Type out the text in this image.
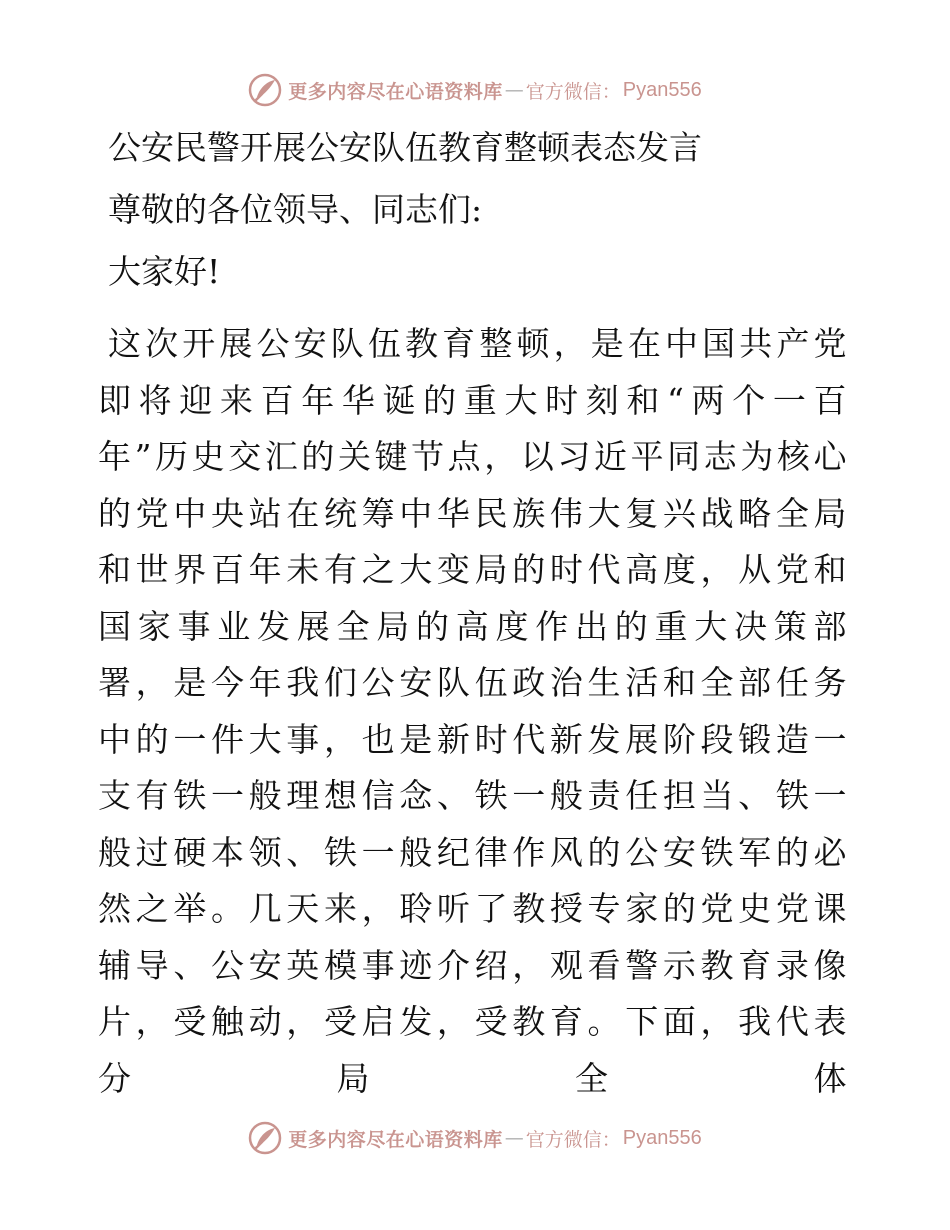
更多内容尽在心语资料库 — 官方微信： Pyan556
公安民警开展公安队伍教育整顿表态发言
尊敬的各位领导、同志们:
大家好!
这次开展公安队伍教育整顿，是在中国共产党即将迎来百年华诞的重大时刻和“两个一百年”历史交汇的关键节点，以习近平同志为核心的党中央站在统筹中华民族伟大复兴战略全局和世界百年未有之大变局的时代高度，从党和国家事业发展全局的高度作出的重大决策部署，是今年我们公安队伍政治生活和全部任务中的一件大事，也是新时代新发展阶段锻造一支有铁一般理想信念、铁一般责任担当、铁一般过硬本领、铁一般纪律作风的公安铁军的必然之举。几天来，聆听了教授专家的党史党课辅导、公安英模事迹介绍，观看警示教育录像片，受触动，受启发，受教育。下面，我代表分局全体
更多内容尽在心语资料库 — 官方微信： Pyan556
